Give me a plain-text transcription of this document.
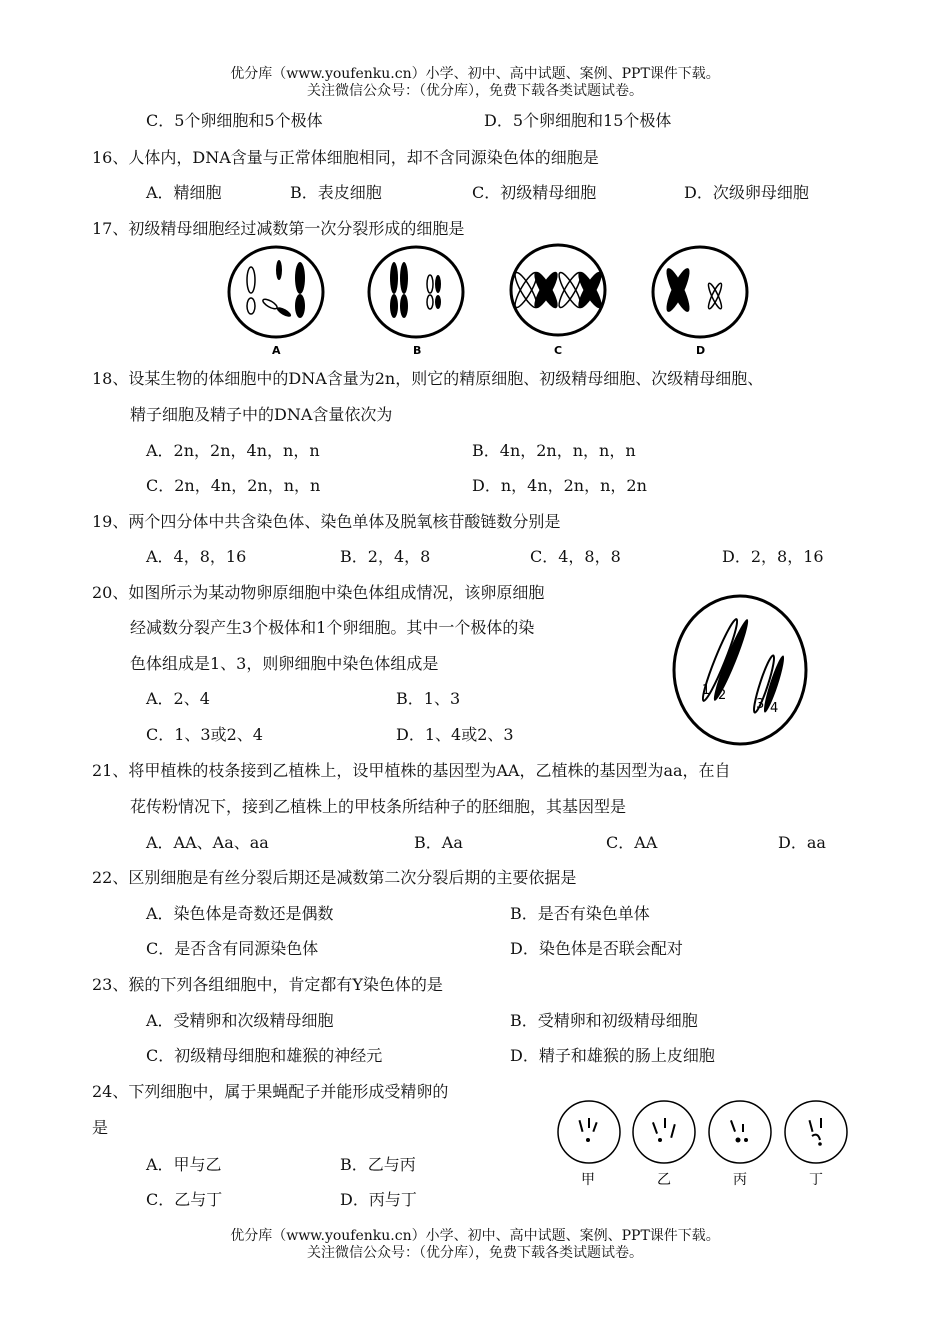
优分库（www.youfenku.cn）小学、初中、高中试题、案例、PPT课件下载。
关注微信公众号：（优分库），免费下载各类试题试卷。
C．5个卵细胞和5个极体	D．5个卵细胞和15个极体
16、人体内，DNA含量与正常体细胞相同，却不含同源染色体的细胞是
A．精细胞	B．表皮细胞	C．初级精母细胞	D．次级卵母细胞
17、初级精母细胞经过减数第一次分裂形成的细胞是
A	B	C	D
18、设某生物的体细胞中的DNA含量为2n，则它的精原细胞、初级精母细胞、次级精母细胞、
精子细胞及精子中的DNA含量依次为
A．2n，2n，4n，n，n	B．4n，2n，n，n，n
C．2n，4n，2n，n，n	D．n，4n，2n，n，2n
19、两个四分体中共含染色体、染色单体及脱氧核苷酸链数分别是
A．4，8，16	B．2，4，8	C．4，8，8	D．2，8，16
20、如图所示为某动物卵原细胞中染色体组成情况，该卵原细胞
经减数分裂产生3个极体和1个卵细胞。其中一个极体的染
色体组成是1、3，则卵细胞中染色体组成是
A．2、4	B．1、3
C．1、3或2、4	D．1、4或2、3
1 2
3 4
21、将甲植株的枝条接到乙植株上，设甲植株的基因型为AA，乙植株的基因型为aa，在自
花传粉情况下，接到乙植株上的甲枝条所结种子的胚细胞，其基因型是
A．AA、Aa、aa	B．Aa	C．AA	D．aa
22、区别细胞是有丝分裂后期还是减数第二次分裂后期的主要依据是
A．染色体是奇数还是偶数	B．是否有染色单体
C．是否含有同源染色体	D．染色体是否联会配对
23、猴的下列各组细胞中，肯定都有Y染色体的是
A．受精卵和次级精母细胞	B．受精卵和初级精母细胞
C．初级精母细胞和雄猴的神经元	D．精子和雄猴的肠上皮细胞
24、下列细胞中，属于果蝇配子并能形成受精卵的
是
A．甲与乙	B．乙与丙
C．乙与丁	D．丙与丁
甲	乙	丙	丁
优分库（www.youfenku.cn）小学、初中、高中试题、案例、PPT课件下载。
关注微信公众号：（优分库），免费下载各类试题试卷。
